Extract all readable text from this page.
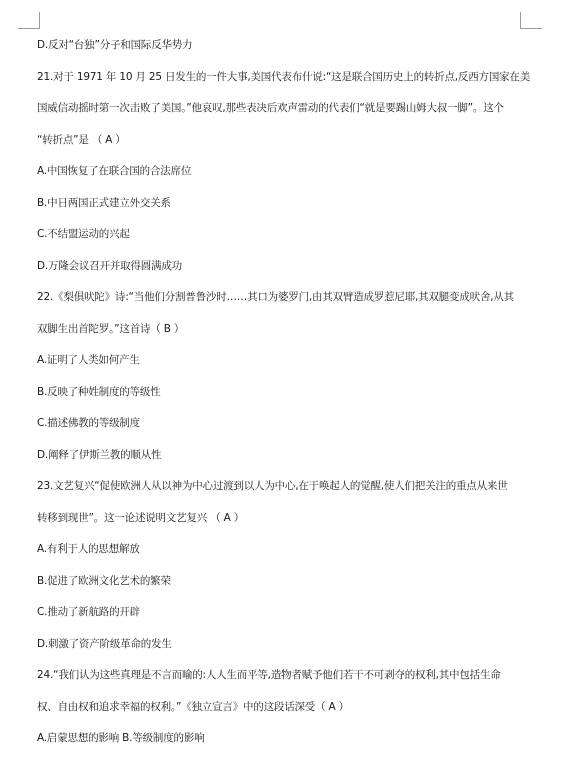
D.反对“台独”分子和国际反华势力
21.对于 1971 年 10 月 25 日发生的一件大事,美国代表布什说:“这是联合国历史上的转折点,反西方国家在美
国威信动摇时第一次击败了美国。”他哀叹,那些表决后欢声雷动的代表们“就是要踢山姆大叔一脚”。这个
“转折点”是 （ A ）
A.中国恢复了在联合国的合法席位
B.中日两国正式建立外交关系
C.不结盟运动的兴起
D.万隆会议召开并取得圆满成功
22.《梨俱吠陀》诗:“当他们分割普鲁沙时……其口为婆罗门,由其双臂造成罗惹尼耶,其双腿变成吠舍,从其
双脚生出首陀罗。”这首诗（ B ）
A.证明了人类如何产生
B.反映了种姓制度的等级性
C.描述佛教的等级制度
D.阐释了伊斯兰教的顺从性
23.文艺复兴“促使欧洲人从以神为中心过渡到以人为中心,在于唤起人的觉醒,使人们把关注的重点从来世
转移到现世”。这一论述说明文艺复兴 （ A ）
A.有利于人的思想解放
B.促进了欧洲文化艺术的繁荣
C.推动了新航路的开辟
D.刺激了资产阶级革命的发生
24.“我们认为这些真理是不言而喻的:人人生而平等,造物者赋予他们若干不可剥夺的权利,其中包括生命
权、自由权和追求幸福的权利。”《独立宣言》中的这段话深受（ A ）
A.启蒙思想的影响 B.等级制度的影响
